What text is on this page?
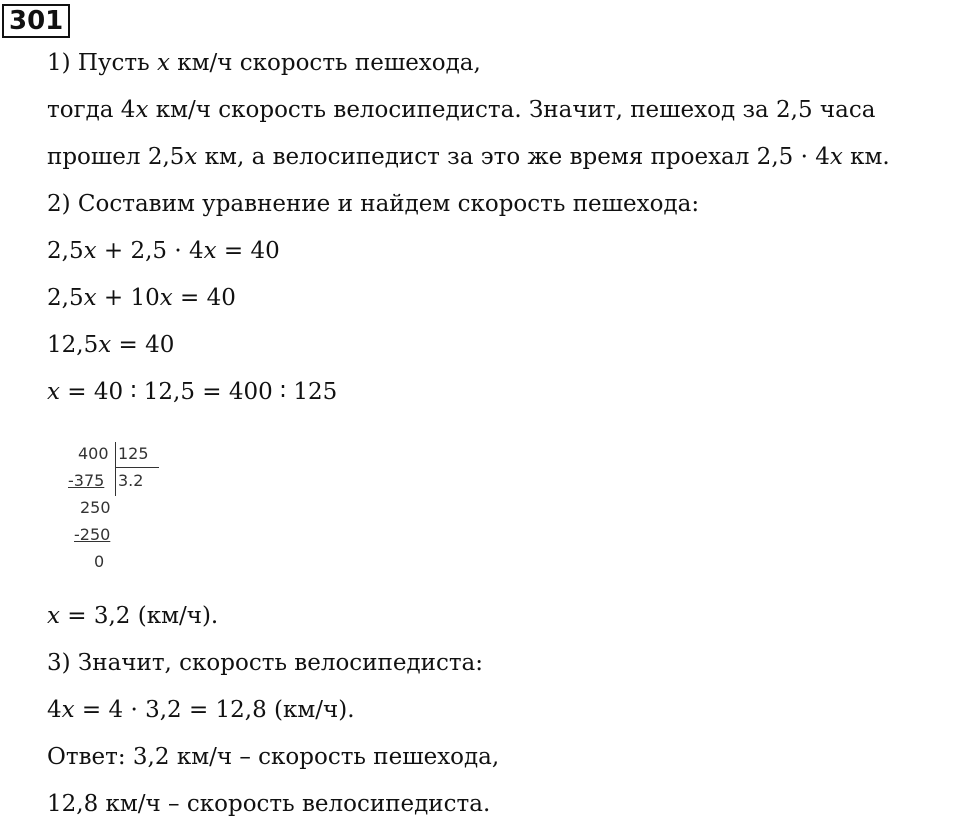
301
1) Пусть 𝑥 км/ч скорость пешехода,
тогда 4𝑥 км/ч скорость велосипедиста. Значит, пешеход за 2,5 часа
прошел 2,5𝑥 км, а велосипедист за это же время проехал 2,5 · 4𝑥 км.
2) Составим уравнение и найдем скорость пешехода:
2,5𝑥 + 2,5 · 4𝑥 = 40
2,5𝑥 + 10𝑥 = 40
12,5𝑥 = 40
𝑥 = 40 ∶ 12,5 = 400 ∶ 125
400 125
-375 3.2
250
-250
0
𝑥 = 3,2 (км/ч).
3) Значит, скорость велосипедиста:
4𝑥 = 4 · 3,2 = 12,8 (км/ч).
Ответ: 3,2 км/ч – скорость пешехода,
12,8 км/ч – скорость велосипедиста.
